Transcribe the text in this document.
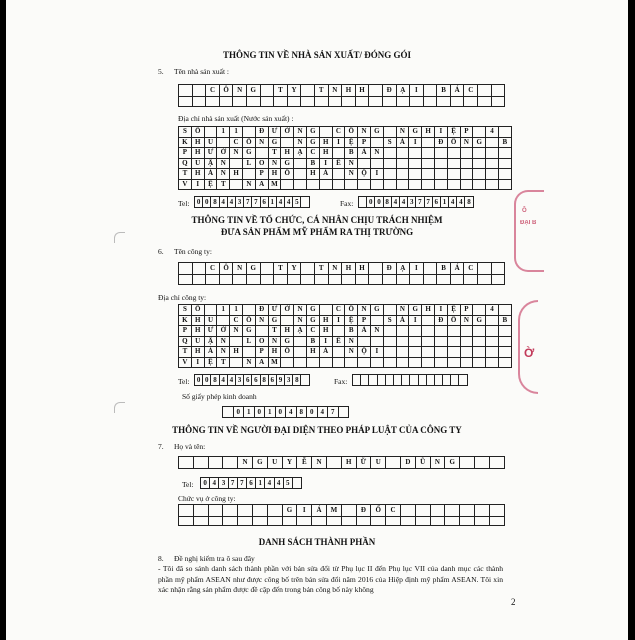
THÔNG TIN VỀ NHÀ SẢN XUẤT/ ĐÓNG GÓI
5. Tên nhà sản xuất :
C	Ô	N	G	T	Y	T	N	H	H	Đ	Ạ	I	B	Á	C
Địa chỉ nhà sản xuất (Nước sản xuất) :
S	Ố	1	1	Đ	Ư	Ờ	N	G	C	Ô	N	G	N	G	H	I	Ệ	P	4
K	H	U	C	Ô	N	G	N	G	H	I	Ệ	P	S	À	I	Đ	Ồ	N	G	B
P	H	Ư	Ờ	N	G	T	H	Ạ	C	H	B	À	N
Q	U	Ậ	N	L	O	N	G	B	I	Ê	N
T	H	À	N	H	P	H	Ố	H	À	N	Ộ	I
V	I	Ệ	T	N	A M
Tel: 0 0 8 4 4 3 7 7 6 1 4 4 5	Fax: 0 0 8 4 4 3 7 7 6 1 4 4 8
THÔNG TIN VỀ TỔ CHỨC, CÁ NHÂN CHỊU TRÁCH NHIỆM
ĐƯA SẢN PHẨM MỸ PHẨM RA THỊ TRƯỜNG
6. Tên công ty:
C	Ô	N	G	T	Y	T	N	H	H	Đ	Ạ	I	B	Á	C
Địa chỉ công ty:
S	Ố	1	1	Đ	Ư	Ờ	N	G	C	Ô	N	G	N	G	H	I	Ệ	P	4
K	H	U	C	Ô	N	G	N	G	H	I	Ệ	P	S	À	I	Đ	Ồ	N	G	B
P	H	Ư	Ờ	N	G	T	H	Ạ	C	H	B	À	N
Q	U	Ậ	N	L	O	N	G	B	I	Ê	N
T	H	À	N	H	P	H	Ố	H	À	N	Ộ	I
V	I	Ệ	T	N	A M
Tel: 0 0 8 4 4 3 6 6 8 6 9 3 8	Fax:
Số giấy phép kinh doanh
0	1	0	1	0	4	8	0	4	7
THÔNG TIN VỀ NGƯỜI ĐẠI DIỆN THEO PHÁP LUẬT CỦA CÔNG TY
7. Họ và tên:
N	G	U	Y	Ễ	N	H	Ữ	U	D	Ũ	N	G
Tel:	0 4 3 7 7 6 1 4 4 5
Chức vụ ở công ty:
G	I	Á	M	Đ	Ố	C
DANH SÁCH THÀNH PHẦN
8. Đề nghị kiểm tra ô sau đây
- Tôi đã so sánh danh sách thành phần với bản sửa đổi từ Phụ lục II đến Phụ lục VII của danh mục các thành phần mỹ phẩm ASEAN như được công bố trên bản sửa đổi năm 2016 của Hiệp định mỹ phẩm ASEAN. Tôi xin xác nhận rằng sản phẩm được đề cập đến trong bản công bố này không
2
Ô
ĐẠI B
Ờ
